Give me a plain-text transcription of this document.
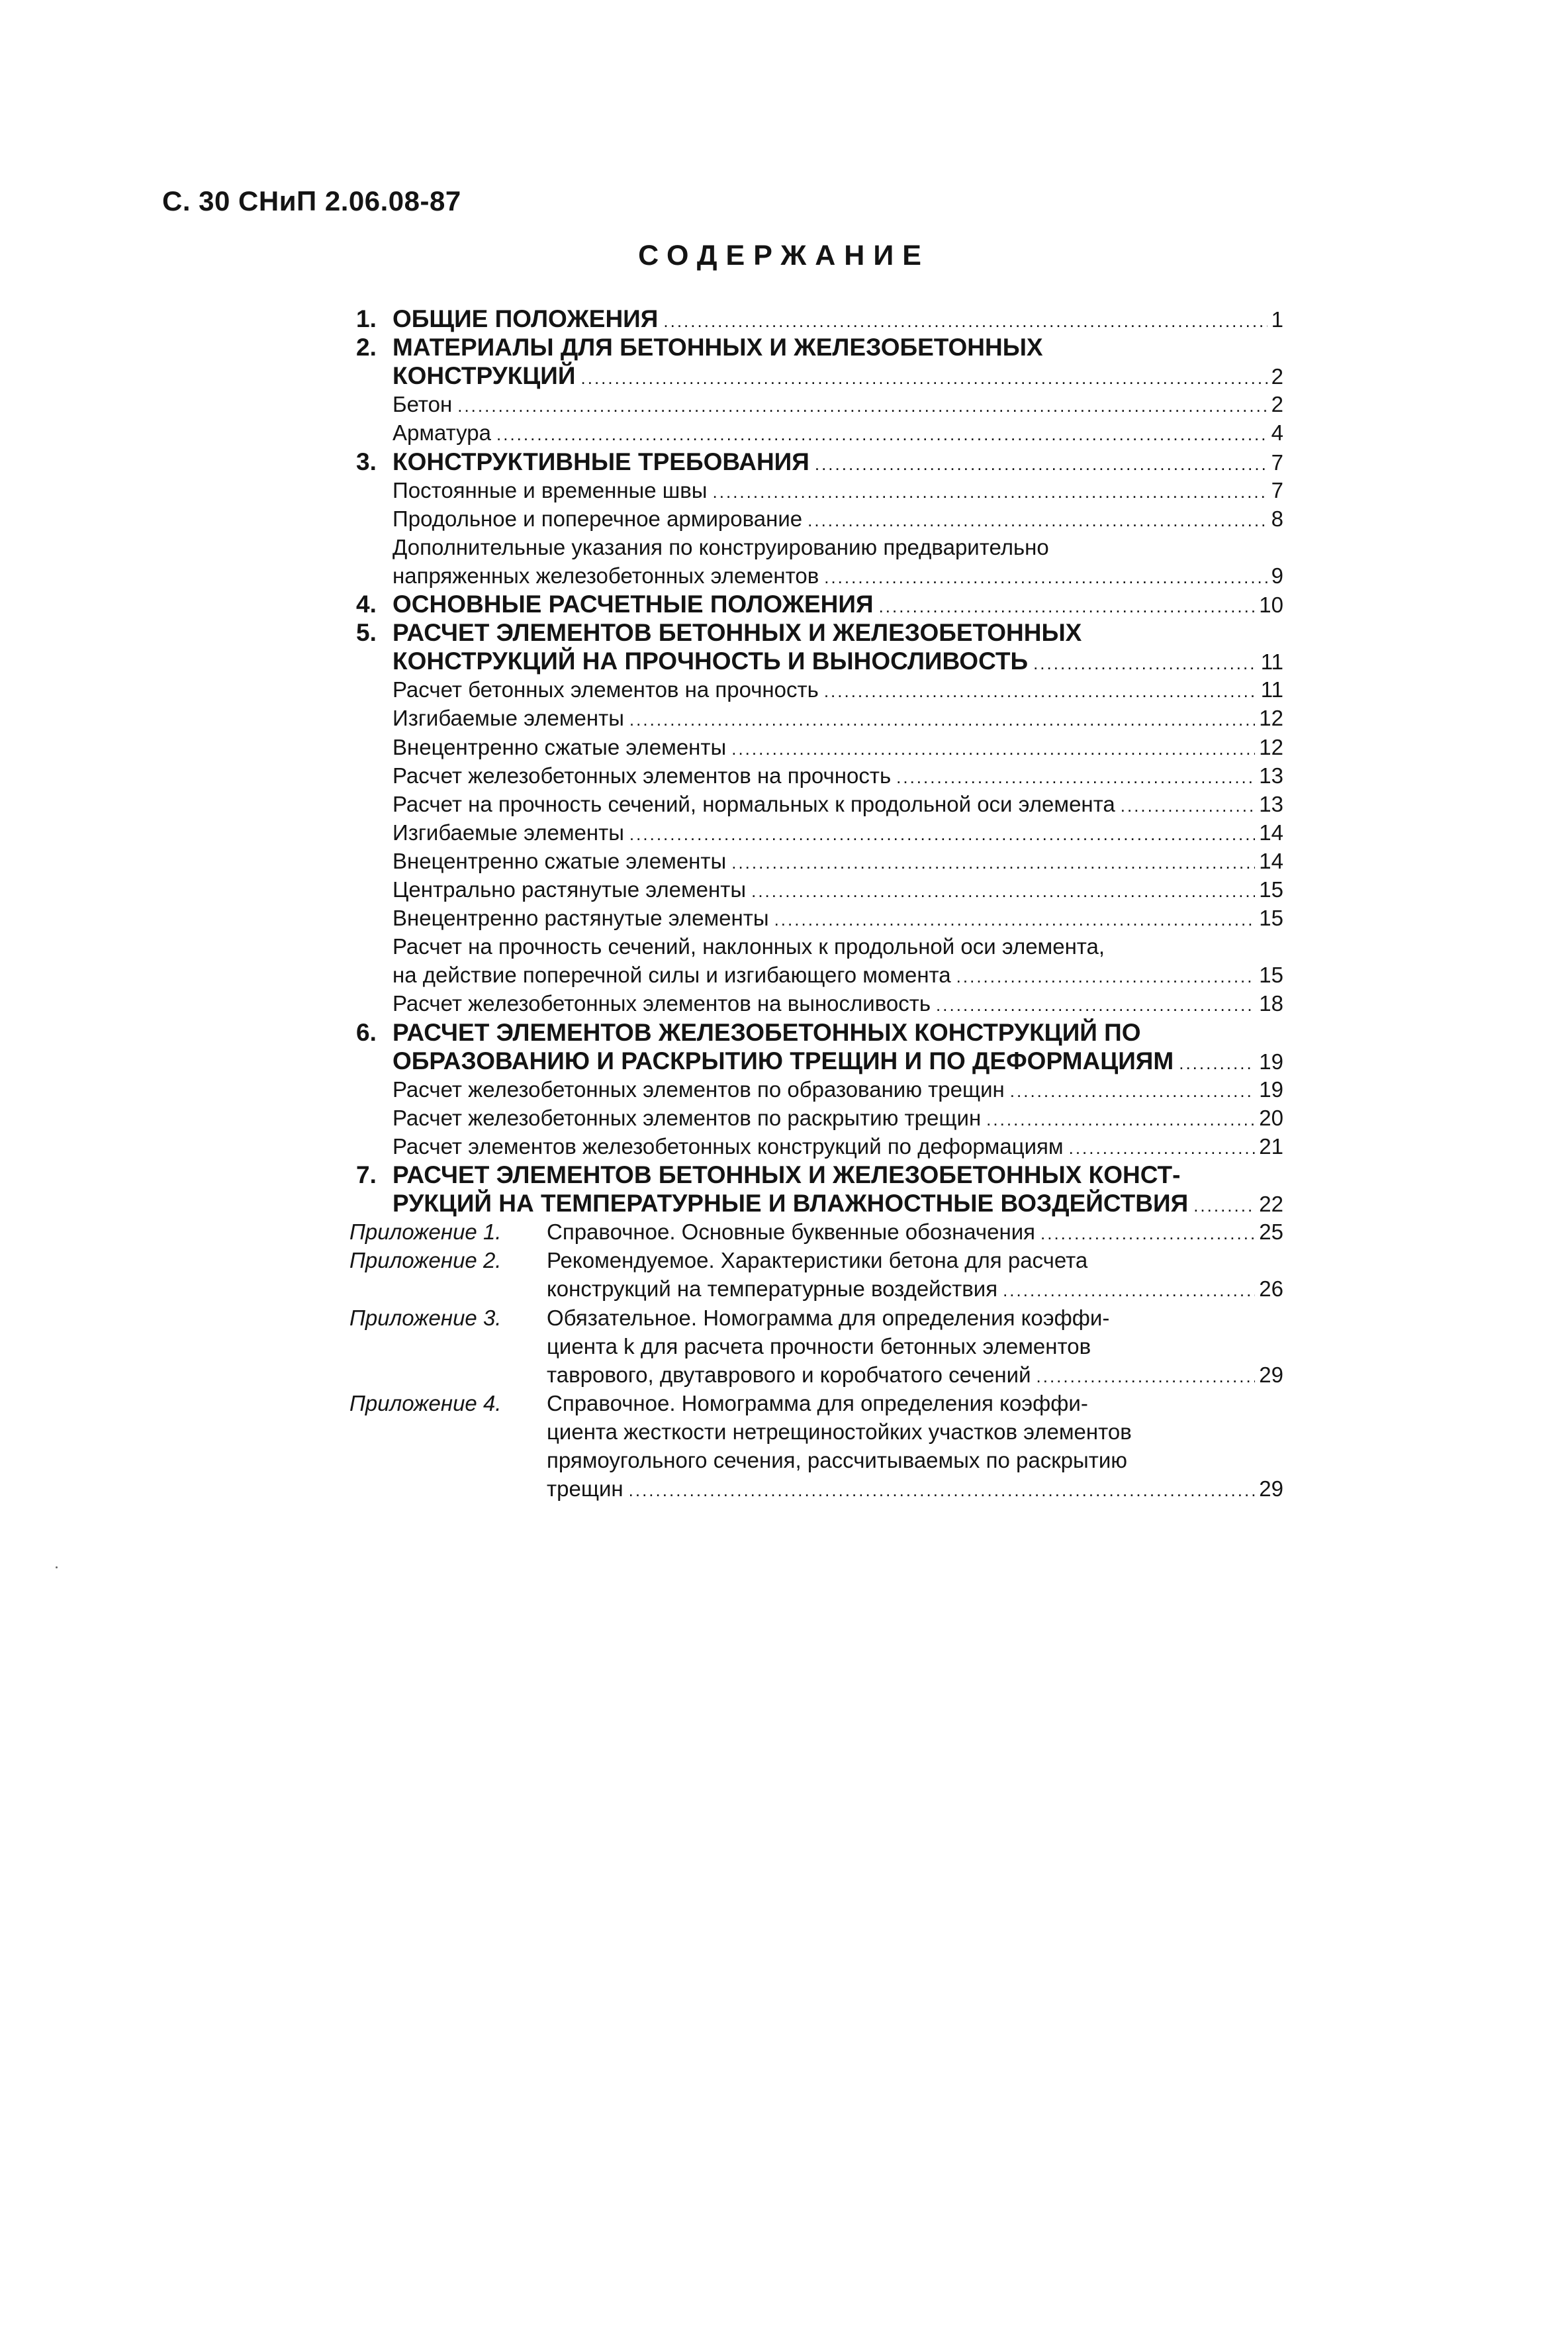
С. 30 СНиП 2.06.08-87
СОДЕРЖАНИЕ
1. ОБЩИЕ ПОЛОЖЕНИЯ .....	1
2. МАТЕРИАЛЫ ДЛЯ БЕТОННЫХ И ЖЕЛЕЗОБЕТОННЫХ
КОНСТРУКЦИЙ .....	2
Бетон .....	2
Арматура .....	4
3. КОНСТРУКТИВНЫЕ ТРЕБОВАНИЯ .....	7
Постоянные и временные швы .....	7
Продольное и поперечное армирование .....	8
Дополнительные указания по конструированию предварительно
напряженных железобетонных элементов .....	9
4. ОСНОВНЫЕ РАСЧЕТНЫЕ ПОЛОЖЕНИЯ .....	10
5. РАСЧЕТ ЭЛЕМЕНТОВ БЕТОННЫХ И ЖЕЛЕЗОБЕТОННЫХ
КОНСТРУКЦИЙ НА ПРОЧНОСТЬ И ВЫНОСЛИВОСТЬ .....	11
Расчет бетонных элементов на прочность .....	11
Изгибаемые элементы .....	12
Внецентренно сжатые элементы .....	12
Расчет железобетонных элементов на прочность .....	13
Расчет на прочность сечений, нормальных к продольной оси элемента .....	13
Изгибаемые элементы .....	14
Внецентренно сжатые элементы .....	14
Центрально растянутые элементы .....	15
Внецентренно растянутые элементы .....	15
Расчет на прочность сечений, наклонных к продольной оси элемента,
на действие поперечной силы и изгибающего момента .....	15
Расчет железобетонных элементов на выносливость .....	18
6. РАСЧЕТ ЭЛЕМЕНТОВ ЖЕЛЕЗОБЕТОННЫХ КОНСТРУКЦИЙ ПО
ОБРАЗОВАНИЮ И РАСКРЫТИЮ ТРЕЩИН И ПО ДЕФОРМАЦИЯМ .....	19
Расчет железобетонных элементов по образованию трещин .....	19
Расчет железобетонных элементов по раскрытию трещин .....	20
Расчет элементов железобетонных конструкций по деформациям .....	21
7. РАСЧЕТ ЭЛЕМЕНТОВ БЕТОННЫХ И ЖЕЛЕЗОБЕТОННЫХ КОНСТ-
РУКЦИЙ НА ТЕМПЕРАТУРНЫЕ И ВЛАЖНОСТНЫЕ ВОЗДЕЙСТВИЯ .....	22
Приложение 1. Справочное. Основные буквенные обозначения .....	25
Приложение 2. Рекомендуемое. Характеристики бетона для расчета
конструкций на температурные воздействия .....	26
Приложение 3. Обязательное. Номограмма для определения коэффи-
циента k для расчета прочности бетонных элементов
таврового, двутаврового и коробчатого сечений .....	29
Приложение 4. Справочное. Номограмма для определения коэффи-
циента жесткости нетрещиностойких участков элементов
прямоугольного сечения, рассчитываемых по раскрытию
трещин .....	29
